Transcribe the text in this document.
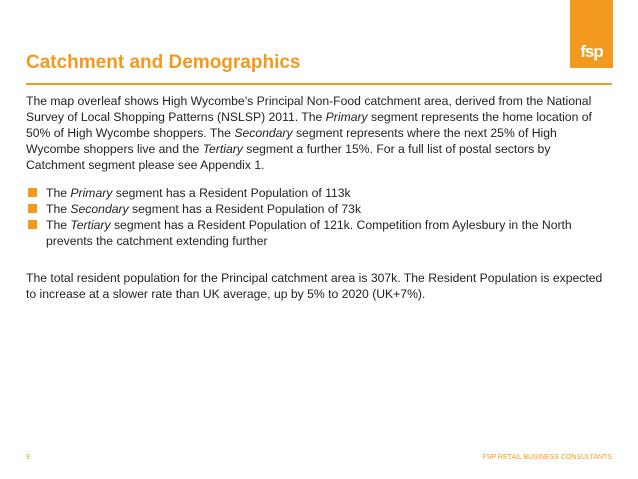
fsp
Catchment and Demographics
The map overleaf shows High Wycombe’s Principal Non-Food catchment area, derived from the National Survey of Local Shopping Patterns (NSLSP) 2011. The Primary segment represents the home location of 50% of High Wycombe shoppers. The Secondary segment represents where the next 25% of High Wycombe shoppers live and the Tertiary segment a further 15%. For a full list of postal sectors by Catchment segment please see Appendix 1.
The Primary segment has a Resident Population of 113k
The Secondary segment has a Resident Population of 73k
The Tertiary segment has a Resident Population of 121k. Competition from Aylesbury in the North prevents the catchment extending further
The total resident population for the Principal catchment area is 307k. The Resident Population is expected to increase at a slower rate than UK average, up by 5% to 2020 (UK+7%).
9	FSP RETAIL BUSINESS CONSULTANTS
